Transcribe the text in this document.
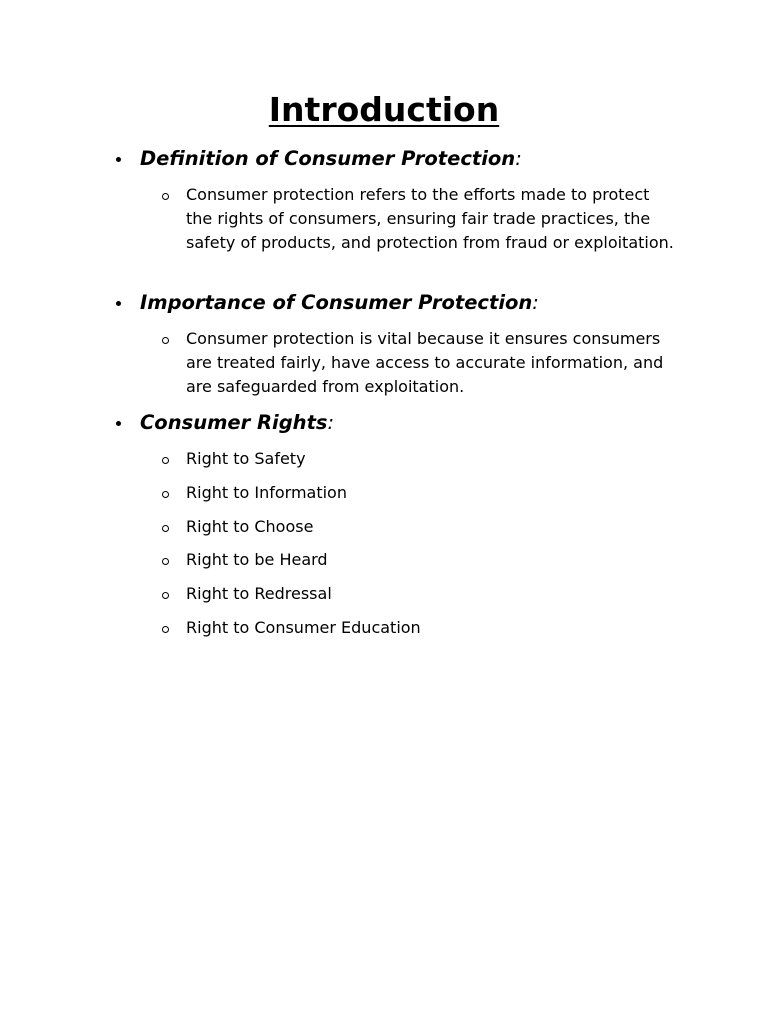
Introduction
Definition of Consumer Protection:
Consumer protection refers to the efforts made to protect the rights of consumers, ensuring fair trade practices, the safety of products, and protection from fraud or exploitation.
Importance of Consumer Protection:
Consumer protection is vital because it ensures consumers are treated fairly, have access to accurate information, and are safeguarded from exploitation.
Consumer Rights:
Right to Safety
Right to Information
Right to Choose
Right to be Heard
Right to Redressal
Right to Consumer Education
